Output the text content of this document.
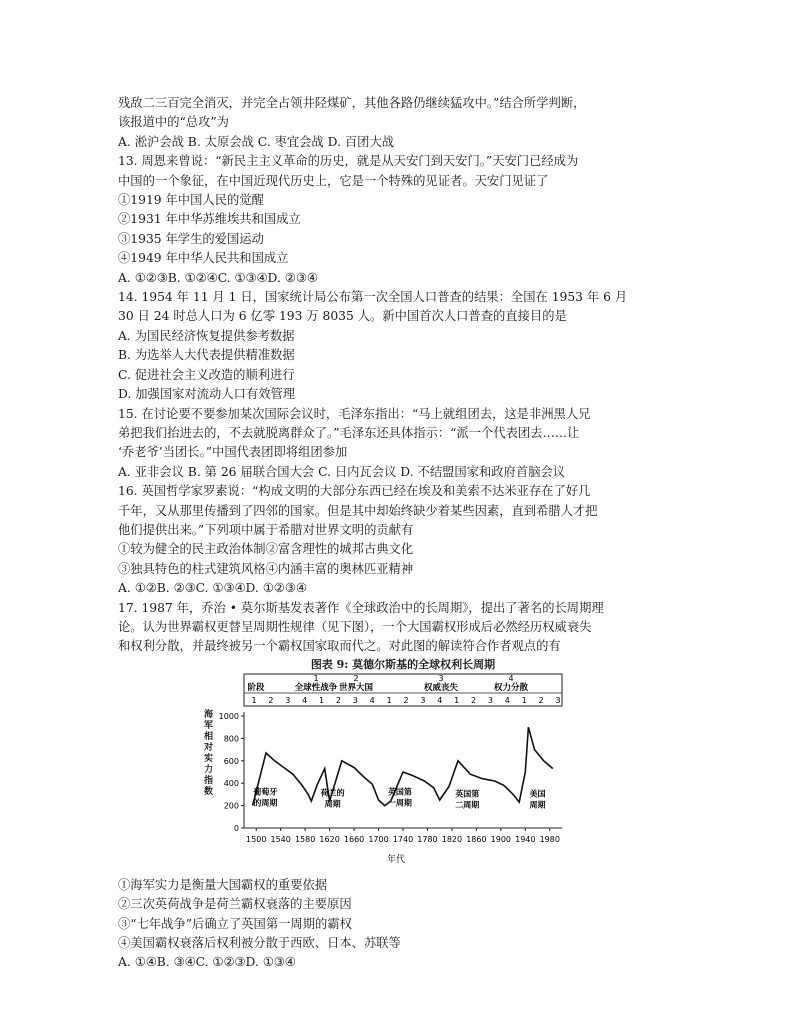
残敌二三百完全消灭，并完全占领井陉煤矿，其他各路仍继续猛攻中。”结合所学判断，
该报道中的“总攻”为
A. 淞沪会战 B. 太原会战 C. 枣宜会战 D. 百团大战
13. 周恩来曾说：“新民主主义革命的历史，就是从天安门到天安门。”天安门已经成为
中国的一个象征，在中国近现代历史上，它是一个特殊的见证者。天安门见证了
①1919 年中国人民的觉醒
②1931 年中华苏维埃共和国成立
③1935 年学生的爱国运动
④1949 年中华人民共和国成立
A. ①②③B. ①②④C. ①③④D. ②③④
14. 1954 年 11 月 1 日，国家统计局公布第一次全国人口普查的结果：全国在 1953 年 6 月
30 日 24 时总人口为 6 亿零 193 万 8035 人。新中国首次人口普查的直接目的是
A. 为国民经济恢复提供参考数据
B. 为选举人大代表提供精准数据
C. 促进社会主义改造的顺利进行
D. 加强国家对流动人口有效管理
15. 在讨论要不要参加某次国际会议时，毛泽东指出：“马上就组团去，这是非洲黑人兄
弟把我们抬进去的，不去就脱离群众了。”毛泽东还具体指示：“派一个代表团去……让
‘乔老爷’当团长。”中国代表团即将组团参加
A. 亚非会议 B. 第 26 届联合国大会 C. 日内瓦会议 D. 不结盟国家和政府首脑会议
16. 英国哲学家罗素说：“构成文明的大部分东西已经在埃及和美索不达米亚存在了好几
千年，又从那里传播到了四邻的国家。但是其中却始终缺少着某些因素，直到希腊人才把
他们提供出来。”下列项中属于希腊对世界文明的贡献有
①较为健全的民主政治体制②富含理性的城邦古典文化
③独具特色的柱式建筑风格④内涵丰富的奥林匹亚精神
A. ①②B. ②③C. ①③④D. ①②③④
17. 1987 年，乔治 • 莫尔斯基发表著作《全球政治中的长周期》，提出了著名的长周期理
论。认为世界霸权更替呈周期性规律（见下图），一个大国霸权形成后必然经历权威衰失
和权利分散，并最终被另一个霸权国家取而代之。对此图的解读符合作者观点的有
图表 9: 莫德尔斯基的全球权利长周期
1	2	3	4
阶段	全球性战争 世界大国	权威丧失	权力分散
1 2 3 4 1 2 3 4 1 2 3 4 1 2 3 4 1 2 3
0
200
400
600
800
1000
1500 1540 1580 1620 1660 1700 1740 1780 1820 1860 1900 1940 1980
葡萄牙的周期
荷兰的周期
英国第一周期
英国第二周期
美国周期
年代
海军相对实力指数
①海军实力是衡量大国霸权的重要依据
②三次英荷战争是荷兰霸权衰落的主要原因
③“七年战争”后确立了英国第一周期的霸权
④美国霸权衰落后权利被分散于西欧、日本、苏联等
A. ①④B. ③④C. ①②③D. ①③④
